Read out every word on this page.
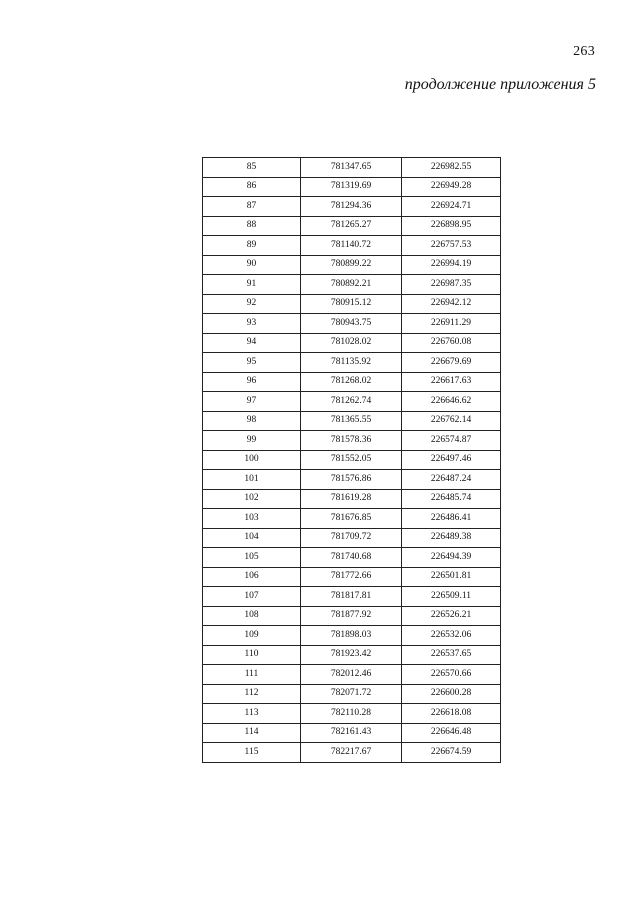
263
продолжение приложения 5
85	781347.65	226982.55
86	781319.69	226949.28
87	781294.36	226924.71
88	781265.27	226898.95
89	781140.72	226757.53
90	780899.22	226994.19
91	780892.21	226987.35
92	780915.12	226942.12
93	780943.75	226911.29
94	781028.02	226760.08
95	781135.92	226679.69
96	781268.02	226617.63
97	781262.74	226646.62
98	781365.55	226762.14
99	781578.36	226574.87
100	781552.05	226497.46
101	781576.86	226487.24
102	781619.28	226485.74
103	781676.85	226486.41
104	781709.72	226489.38
105	781740.68	226494.39
106	781772.66	226501.81
107	781817.81	226509.11
108	781877.92	226526.21
109	781898.03	226532.06
110	781923.42	226537.65
111	782012.46	226570.66
112	782071.72	226600.28
113	782110.28	226618.08
114	782161.43	226646.48
115	782217.67	226674.59
